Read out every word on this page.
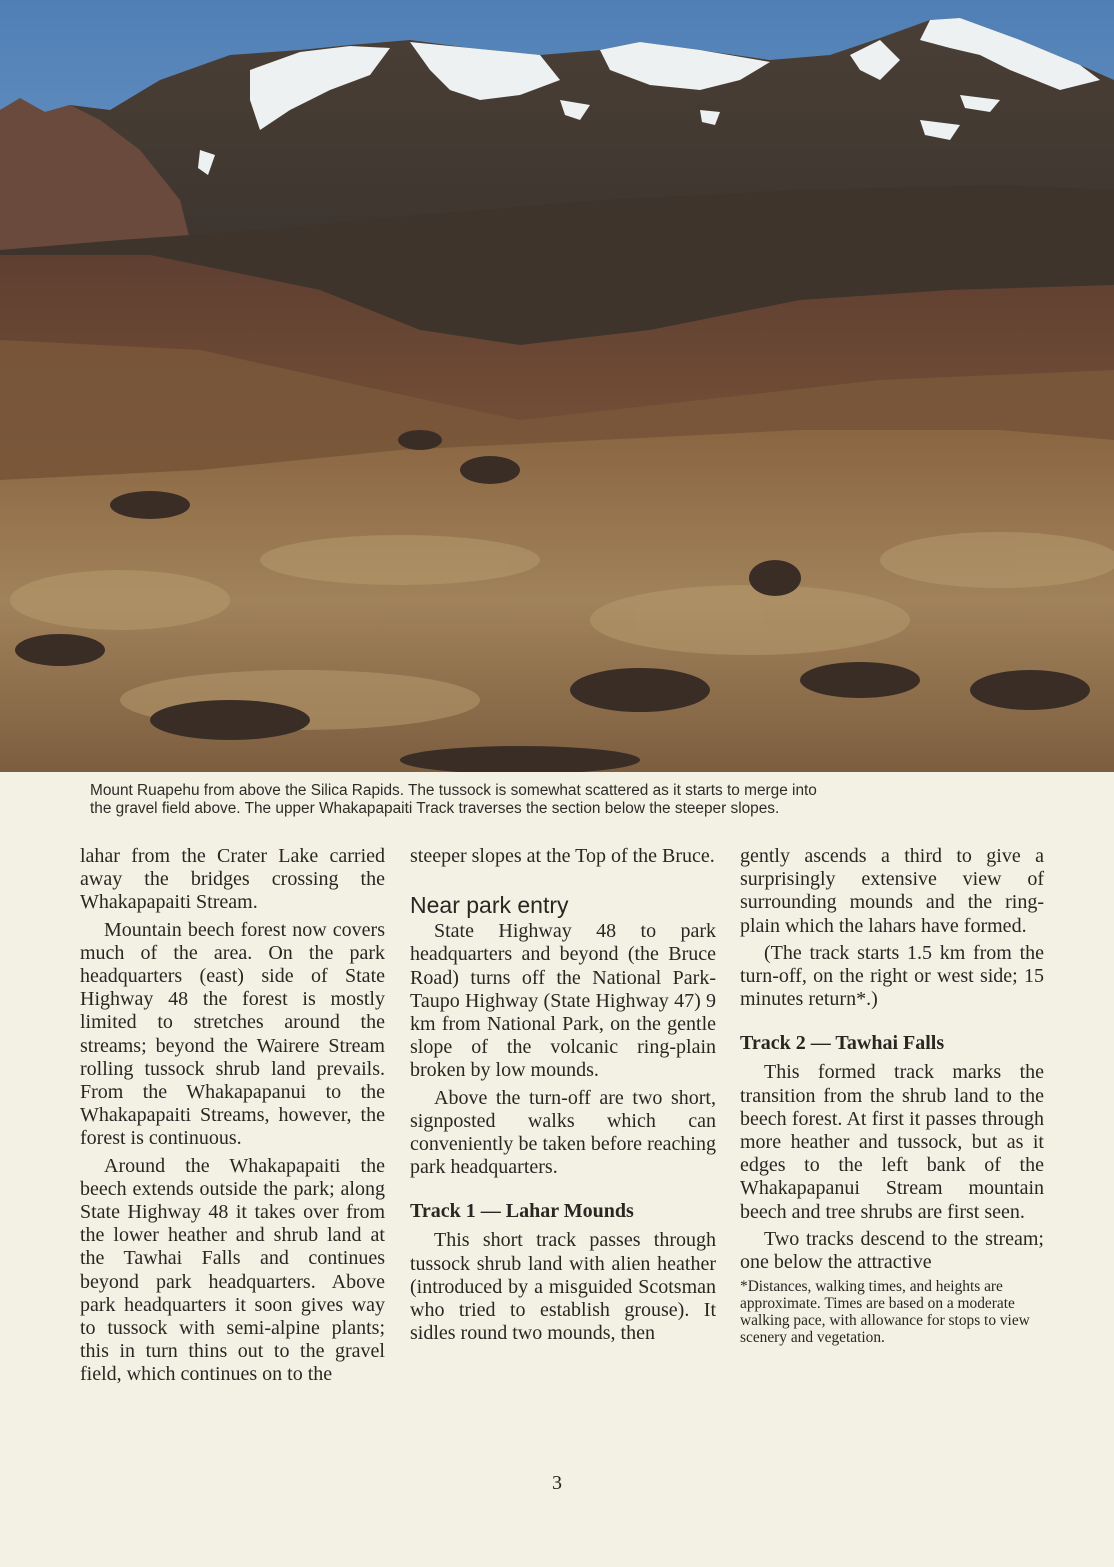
Mount Ruapehu from above the Silica Rapids. The tussock is somewhat scattered as it starts to merge into

the gravel field above. The upper Whakapapaiti Track traverses the section below the steeper slopes.

lahar from the Crater Lake carried away the bridges crossing the Whakapapaiti Stream.

Mountain beech forest now covers much of the area. On the park headquarters (east) side of State Highway 48 the forest is mostly limited to stretches around the streams; beyond the Wairere Stream rolling tussock shrub land prevails. From the Whakapapanui to the Whakapapaiti Streams, however, the forest is continuous.

Around the Whakapapaiti the beech extends outside the park; along State Highway 48 it takes over from the lower heather and shrub land at the Tawhai Falls and continues beyond park headquarters. Above park headquarters it soon gives way to tussock with semi-alpine plants; this in turn thins out to the gravel field, which continues on to the

steeper slopes at the Top of the Bruce.

Near park entry

State Highway 48 to park headquarters and beyond (the Bruce Road) turns off the National Park-Taupo Highway (State Highway 47) 9 km from National Park, on the gentle slope of the volcanic ring-plain broken by low mounds.

Above the turn-off are two short, signposted walks which can conveniently be taken before reaching park headquarters.

Track 1 — Lahar Mounds

This short track passes through tussock shrub land with alien heather (introduced by a misguided Scotsman who tried to establish grouse). It sidles round two mounds, then

gently ascends a third to give a surprisingly extensive view of surrounding mounds and the ring-plain which the lahars have formed.

(The track starts 1.5 km from the turn-off, on the right or west side; 15 minutes return*.)

Track 2 — Tawhai Falls

This formed track marks the transition from the shrub land to the beech forest. At first it passes through more heather and tussock, but as it edges to the left bank of the Whakapapanui Stream mountain beech and tree shrubs are first seen.

Two tracks descend to the stream; one below the attractive

*Distances, walking times, and heights are approximate. Times are based on a moderate walking pace, with allowance for stops to view scenery and vegetation.

3
